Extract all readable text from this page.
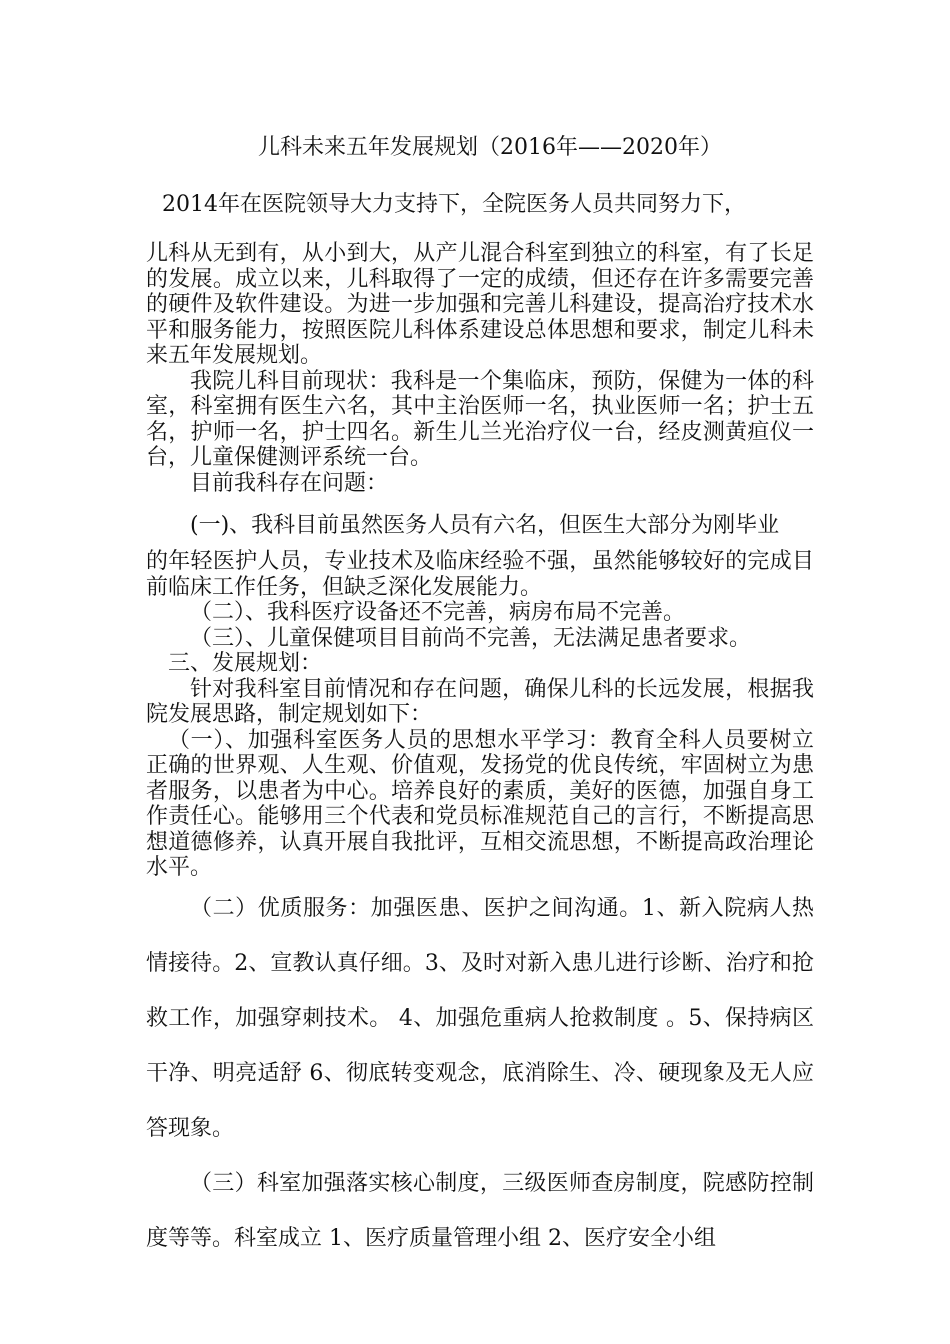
儿科未来五年发展规划（2016年——2020年）

2014年在医院领导大力支持下，全院医务人员共同努力下，

儿科从无到有，从小到大，从产儿混合科室到独立的科室，有了长足的发展。成立以来，儿科取得了一定的成绩，但还存在许多需要完善的硬件及软件建设。为进一步加强和完善儿科建设，提高治疗技术水平和服务能力，按照医院儿科体系建设总体思想和要求，制定儿科未来五年发展规划。

我院儿科目前现状：我科是一个集临床，预防，保健为一体的科室，科室拥有医生六名，其中主治医师一名，执业医师一名；护士五名，护师一名，护士四名。新生儿兰光治疗仪一台，经皮测黄疸仪一台，儿童保健测评系统一台。

目前我科存在问题：

(一)、我科目前虽然医务人员有六名，但医生大部分为刚毕业

的年轻医护人员，专业技术及临床经验不强，虽然能够较好的完成目前临床工作任务，但缺乏深化发展能力。

（二）、我科医疗设备还不完善，病房布局不完善。

（三）、儿童保健项目目前尚不完善，无法满足患者要求。

三、发展规划：

针对我科室目前情况和存在问题，确保儿科的长远发展，根据我院发展思路，制定规划如下：

（一）、加强科室医务人员的思想水平学习：教育全科人员要树立正确的世界观、人生观、价值观，发扬党的优良传统，牢固树立为患者服务，以患者为中心。培养良好的素质，美好的医德，加强自身工作责任心。能够用三个代表和党员标准规范自己的言行，不断提高思想道德修养，认真开展自我批评，互相交流思想，不断提高政治理论水平。

（二）优质服务：加强医患、医护之间沟通。1、新入院病人热情接待。2、宣教认真仔细。3、及时对新入患儿进行诊断、治疗和抢救工作，加强穿刺技术。 4、加强危重病人抢救制度 。5、保持病区干净、明亮适舒 6、彻底转变观念，底消除生、冷、硬现象及无人应答现象。

（三）科室加强落实核心制度，三级医师查房制度，院感防控制度等等。科室成立 1、医疗质量管理小组 2、医疗安全小组
